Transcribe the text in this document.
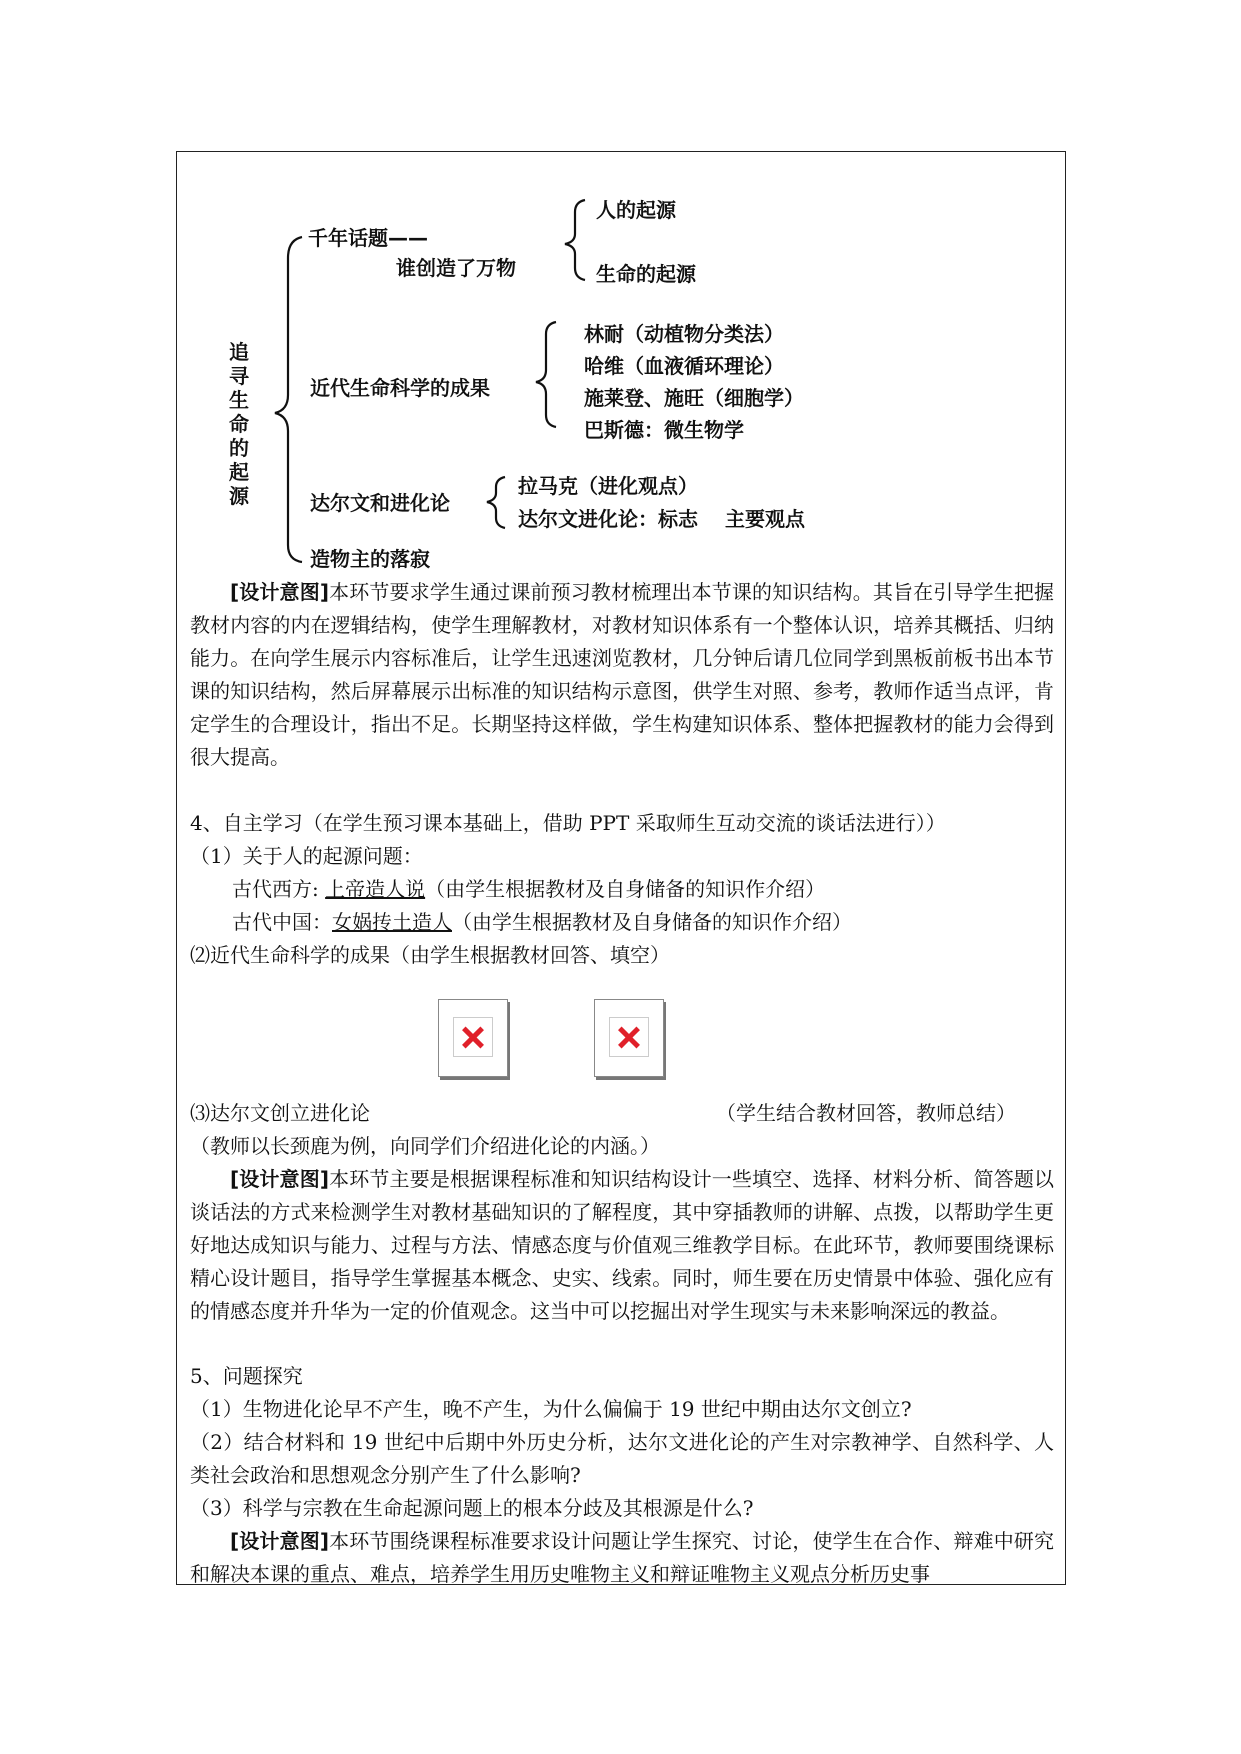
追寻生命的起源
千年话题——
谁创造了万物
人的起源
生命的起源
近代生命科学的成果
林耐（动植物分类法）
哈维（血液循环理论）
施莱登、施旺（细胞学）
巴斯德：微生物学
达尔文和进化论
拉马克（进化观点）
达尔文进化论：标志　 主要观点
造物主的落寂
[设计意图]本环节要求学生通过课前预习教材梳理出本节课的知识结构。其旨在引导学生把握教材内容的内在逻辑结构，使学生理解教材，对教材知识体系有一个整体认识，培养其概括、归纳能力。在向学生展示内容标准后，让学生迅速浏览教材，几分钟后请几位同学到黑板前板书出本节课的知识结构，然后屏幕展示出标准的知识结构示意图，供学生对照、参考，教师作适当点评，肯定学生的合理设计，指出不足。长期坚持这样做，学生构建知识体系、整体把握教材的能力会得到很大提高。
4、自主学习（在学生预习课本基础上，借助 PPT 采取师生互动交流的谈话法进行））
（1）关于人的起源问题：
古代西方: 上帝造人说（由学生根据教材及自身储备的知识作介绍）
古代中国：女娲抟土造人（由学生根据教材及自身储备的知识作介绍）
⑵近代生命科学的成果（由学生根据教材回答、填空）
⑶达尔文创立进化论	（学生结合教材回答，教师总结）
（教师以长颈鹿为例，向同学们介绍进化论的内涵。）
[设计意图]本环节主要是根据课程标准和知识结构设计一些填空、选择、材料分析、简答题以谈话法的方式来检测学生对教材基础知识的了解程度，其中穿插教师的讲解、点拨，以帮助学生更好地达成知识与能力、过程与方法、情感态度与价值观三维教学目标。在此环节，教师要围绕课标精心设计题目，指导学生掌握基本概念、史实、线索。同时，师生要在历史情景中体验、强化应有的情感态度并升华为一定的价值观念。这当中可以挖掘出对学生现实与未来影响深远的教益。
5、问题探究
（1）生物进化论早不产生，晚不产生，为什么偏偏于 19 世纪中期由达尔文创立?
（2）结合材料和 19 世纪中后期中外历史分析，达尔文进化论的产生对宗教神学、自然科学、人类社会政治和思想观念分别产生了什么影响?
（3）科学与宗教在生命起源问题上的根本分歧及其根源是什么?
[设计意图]本环节围绕课程标准要求设计问题让学生探究、讨论，使学生在合作、辩难中研究和解决本课的重点、难点，培养学生用历史唯物主义和辩证唯物主义观点分析历史事
